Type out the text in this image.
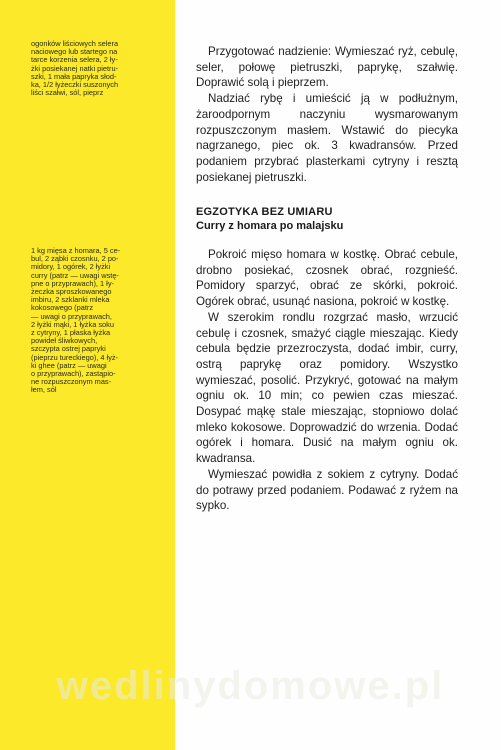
ogonków liściowych selera

naciowego lub startego na

tarce korzenia selera, 2 ły-

żki posiekanej natki pietru-

szki, 1 mała papryka słod-

ka, 1/2 łyżeczki suszonych

liści szałwi, sól, pieprz

1 kg mięsa z homara, 5 ce-

bul, 2 ząbki czosnku, 2 po-

midory, 1 ogórek, 2 łyżki

curry (patrz — uwagi wstę-

pne o przyprawach), 1 ły-

żeczka sproszkowanego

imbiru, 2 szklanki mleka

kokosowego (patrz

— uwagi o przyprawach,

2 łyżki mąki, 1 łyżka soku

z cytryny, 1 płaska łyżka

powideł śliwkowych,

szczypta ostrej papryki

(pieprzu tureckiego), 4 łyż-

ki ghee (patrz — uwagi

o przyprawach), zastąpio-

ne rozpuszczonym mas-

łem, sól

Przygotować nadzienie: Wymieszać ryż, cebulę, seler, połowę pietruszki, paprykę, szałwię. Doprawić solą i pieprzem.

Nadziać rybę i umieścić ją w podłużnym, żaroodpornym naczyniu wysmarowanym rozpuszczonym masłem. Wstawić do piecyka nagrzanego, piec ok. 3 kwadransów. Przed podaniem przybrać plasterkami cytryny i resztą posiekanej pietruszki.

EGZOTYKA BEZ UMIARU
Curry z homara po malajsku

Pokroić mięso homara w kostkę. Obrać cebule, drobno posiekać, czosnek obrać, rozgnieść. Pomidory sparzyć, obrać ze skórki, pokroić. Ogórek obrać, usunąć nasiona, pokroić w kostkę.

W szerokim rondlu rozgrzać masło, wrzucić cebulę i czosnek, smażyć ciągle mieszając. Kiedy cebula będzie przezroczysta, dodać imbir, curry, ostrą paprykę oraz pomidory. Wszystko wymieszać, posolić. Przykryć, gotować na małym ogniu ok. 10 min; co pewien czas mieszać. Dosypać mąkę stale mieszając, stopniowo dolać mleko kokosowe. Doprowadzić do wrzenia. Dodać ogórek i homara. Dusić na małym ogniu ok. kwadransa.

Wymieszać powidła z sokiem z cytryny. Dodać do potrawy przed podaniem. Podawać z ryżem na sypko.

wedlinydomowe.pl
